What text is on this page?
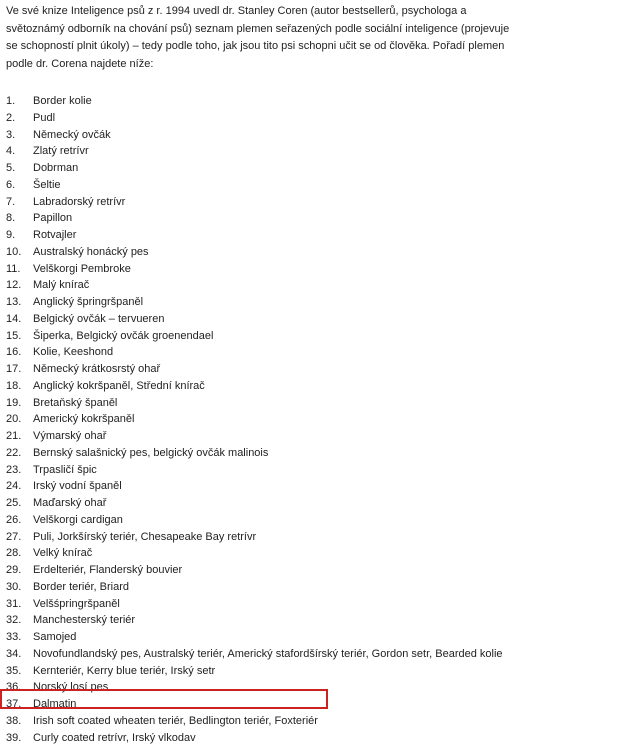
Ve své knize Inteligence psů z r. 1994 uvedl dr. Stanley Coren (autor bestsellerů, psychologa a světoznámý odborník na chování psů) seznam plemen seřazených podle sociální inteligence (projevuje se schopností plnit úkoly) – tedy podle toho, jak jsou tito psi schopni učit se od člověka. Pořadí plemen podle dr. Corena najdete níže:

1. Border kolie
2. Pudl
3. Německý ovčák
4. Zlatý retrívr
5. Dobrman
6. Šeltie
7. Labradorský retrívr
8. Papillon
9. Rotvajler
10. Australský honácký pes
11. Velškorgi Pembroke
12. Malý knírač
13. Anglický špringršpaněl
14. Belgický ovčák – tervueren
15. Šiperka, Belgický ovčák groenendael
16. Kolie, Keeshond
17. Německý krátkosrstý ohař
18. Anglický kokršpaněl, Střední knírač
19. Bretaňský španěl
20. Americký kokršpaněl
21. Výmarský ohař
22. Bernský salašnický pes, belgický ovčák malinois
23. Trpasličí špic
24. Irský vodní španěl
25. Maďarský ohař
26. Velškorgi cardigan
27. Puli, Jorkšírský teriér, Chesapeake Bay retrívr
28. Velký knírač
29. Erdelteriér, Flanderský bouvier
30. Border teriér, Briard
31. Velšśpringršpaněl
32. Manchesterský teriér
33. Samojed
34. Novofundlandský pes, Australský teriér, Americký stafordšírský teriér, Gordon setr, Bearded kolie
35. Kernteriér, Kerry blue teriér, Irský setr
36. Norský losí pes
37. Dalmatin
38.Irish soft coated wheaten teriér, Bedlington teriér, Foxteriér
39. Curly coated retrívr, Irský vlkodav
